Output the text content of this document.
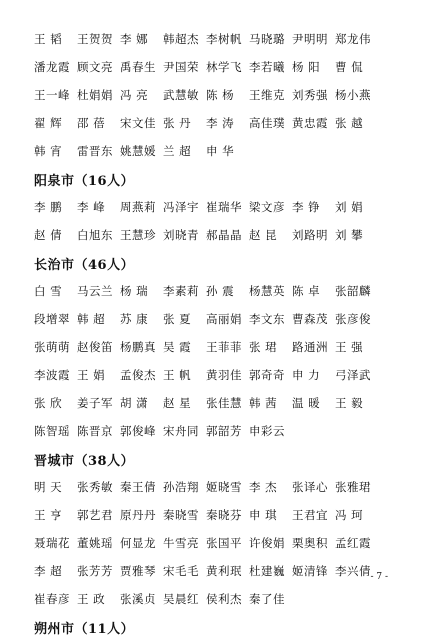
王 韬	王贺贺 李 娜	韩超杰 李树帆 马晓璐 尹明明 郑龙伟
潘龙霞 顾文亮 禹春生 尹国荣 林学飞 李若曦 杨 阳	曹 侃
王一峰 杜娟娟 冯 亮	武慧敏 陈 杨	王维克 刘秀强 杨小燕
翟 辉	邵 蓓	宋文佳 张 丹	李 涛	高佳璞 黄忠霞 张 越
韩 宵	雷晋东 姚慧媛 兰 超	申 华
阳泉市（16人）
李 鹏	李 峰	周燕莉 冯泽宇 崔瑞华 梁文彦 李 铮	刘 娟
赵 倩	白旭东 王慧珍 刘晓青 郝晶晶 赵 昆	刘路明 刘 攀
长治市（46人）
白 雪	马云兰 杨 瑞	李素莉 孙 震	杨慧英 陈 卓	张韶麟
段增翠 韩 超	苏 康	张 夏	高丽娟 李文东 曹森茂 张彦俊
张萌萌 赵俊笛 杨鹏真 吴 霞	王菲菲 张 珺	路通洲 王 强
李波霞 王 娟	孟俊杰 王 帆	黄羽佳 郭奇奇 申 力	弓泽武
张 欣	姜子军 胡 潇	赵 星	张佳慧 韩 茜	温 暖	王 毅
陈智瑶 陈晋京 郭俊峰 宋舟同 郭韶芳 申彩云
晋城市（38人）
明 天	张秀敏 秦王倩 孙浩翔 姬晓雪 李 杰	张译心 张雅珺
王 亨	郭艺君 原丹丹 秦晓雪 秦晓芬 申 琪	王君宜 冯 珂
聂瑞花 董姚瑶 何显龙 牛雪亮 张国平 许俊娟 栗奥积 孟红霞
李 超	张芳芳 贾雅琴 宋毛毛 黄利珉 杜建巍 姬清锋 李兴倩
崔春彦 王 政	张溪贞 吴晨红 侯利杰 秦了佳
朔州市（11人）
- 7 -
